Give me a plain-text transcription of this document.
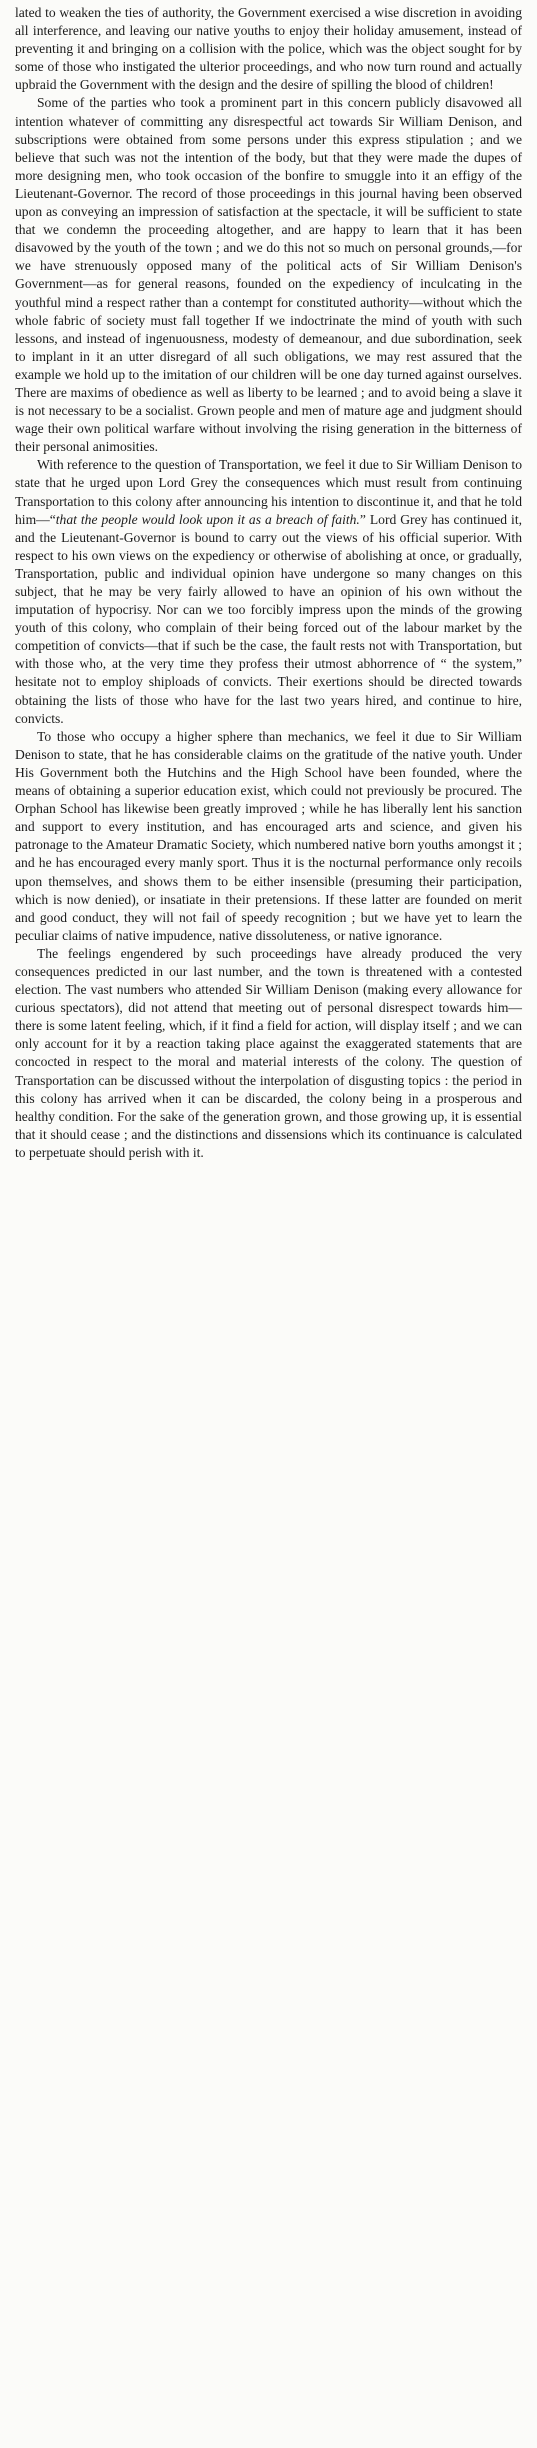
lated to weaken the ties of authority, the Government exercised a wise discretion in avoiding all interference, and leaving our native youths to enjoy their holiday amusement, instead of preventing it and bringing on a collision with the police, which was the object sought for by some of those who instigated the ulterior proceedings, and who now turn round and actually upbraid the Government with the design and the desire of spilling the blood of children!

Some of the parties who took a prominent part in this concern publicly disavowed all intention whatever of committing any disrespectful act towards Sir William Denison, and subscriptions were obtained from some persons under this express stipulation ; and we believe that such was not the intention of the body, but that they were made the dupes of more designing men, who took occasion of the bonfire to smuggle into it an effigy of the Lieutenant-Governor. The record of those proceedings in this journal having been observed upon as conveying an impression of satisfaction at the spectacle, it will be sufficient to state that we condemn the proceeding altogether, and are happy to learn that it has been disavowed by the youth of the town ; and we do this not so much on personal grounds,—for we have strenuously opposed many of the political acts of Sir William Denison's Government—as for general reasons, founded on the expediency of inculcating in the youthful mind a respect rather than a contempt for constituted authority—without which the whole fabric of society must fall together If we indoctrinate the mind of youth with such lessons, and instead of ingenuousness, modesty of demeanour, and due subordination, seek to implant in it an utter disregard of all such obligations, we may rest assured that the example we hold up to the imitation of our children will be one day turned against ourselves. There are maxims of obedience as well as liberty to be learned ; and to avoid being a slave it is not necessary to be a socialist. Grown people and men of mature age and judgment should wage their own political warfare without involving the rising generation in the bitterness of their personal animosities.

With reference to the question of Transportation, we feel it due to Sir William Denison to state that he urged upon Lord Grey the consequences which must result from continuing Transportation to this colony after announcing his intention to discontinue it, and that he told him—“that the people would look upon it as a breach of faith.” Lord Grey has continued it, and the Lieutenant-Governor is bound to carry out the views of his official superior. With respect to his own views on the expediency or otherwise of abolishing at once, or gradually, Transportation, public and individual opinion have undergone so many changes on this subject, that he may be very fairly allowed to have an opinion of his own without the imputation of hypocrisy. Nor can we too forcibly impress upon the minds of the growing youth of this colony, who complain of their being forced out of the labour market by the competition of convicts—that if such be the case, the fault rests not with Transportation, but with those who, at the very time they profess their utmost abhorrence of “ the system,” hesitate not to employ shiploads of convicts. Their exertions should be directed towards obtaining the lists of those who have for the last two years hired, and continue to hire, convicts.

To those who occupy a higher sphere than mechanics, we feel it due to Sir William Denison to state, that he has considerable claims on the gratitude of the native youth. Under His Government both the Hutchins and the High School have been founded, where the means of obtaining a superior education exist, which could not previously be procured. The Orphan School has likewise been greatly improved ; while he has liberally lent his sanction and support to every institution, and has encouraged arts and science, and given his patronage to the Amateur Dramatic Society, which numbered native born youths amongst it ; and he has encouraged every manly sport. Thus it is the nocturnal performance only recoils upon themselves, and shows them to be either insensible (presuming their participation, which is now denied), or insatiate in their pretensions. If these latter are founded on merit and good conduct, they will not fail of speedy recognition ; but we have yet to learn the peculiar claims of native impudence, native dissoluteness, or native ignorance.

The feelings engendered by such proceedings have already produced the very consequences predicted in our last number, and the town is threatened with a contested election. The vast numbers who attended Sir William Denison (making every allowance for curious spectators), did not attend that meeting out of personal disrespect towards him—there is some latent feeling, which, if it find a field for action, will display itself ; and we can only account for it by a reaction taking place against the exaggerated statements that are concocted in respect to the moral and material interests of the colony. The question of Transportation can be discussed without the interpolation of disgusting topics : the period in this colony has arrived when it can be discarded, the colony being in a prosperous and healthy condition. For the sake of the generation grown, and those growing up, it is essential that it should cease ; and the distinctions and dissensions which its continuance is calculated to perpetuate should perish with it.
